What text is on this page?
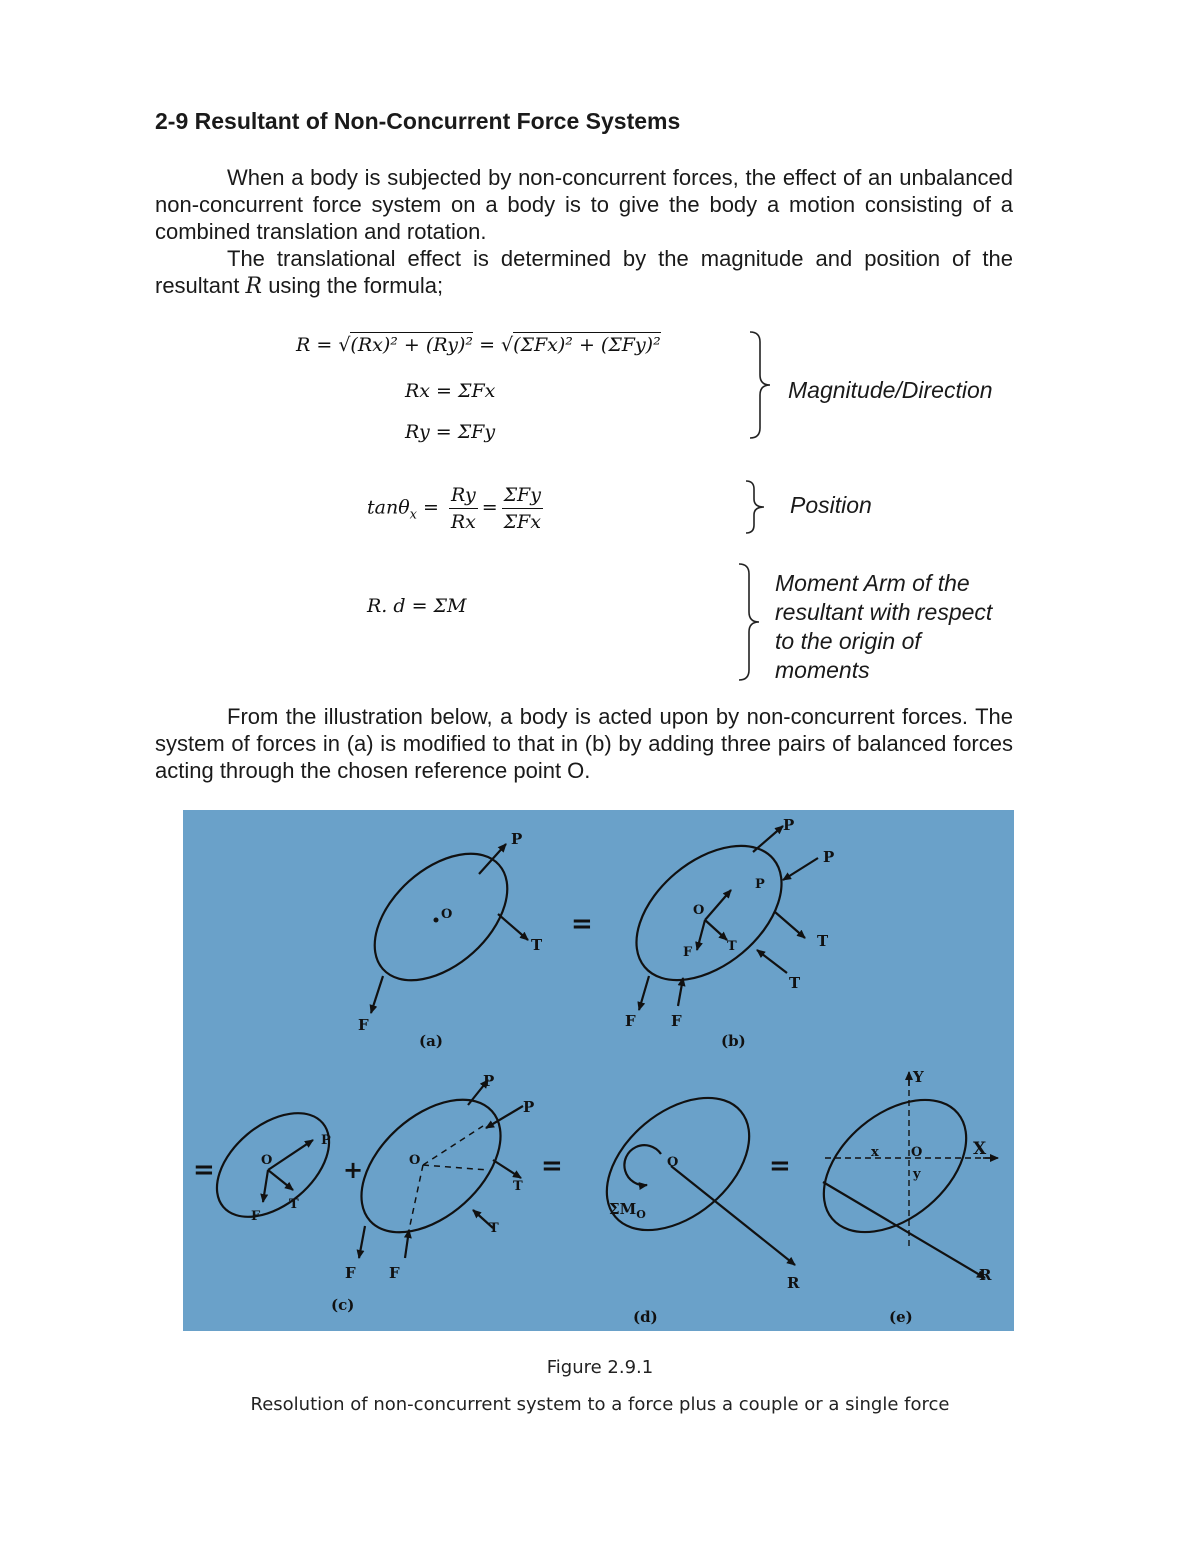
2-9 Resultant of Non-Concurrent Force Systems

When a body is subjected by non-concurrent forces, the effect of an unbalanced non-concurrent force system on a body is to give the body a motion consisting of a combined translation and rotation.

The translational effect is determined by the magnitude and position of the resultant R using the formula;

R = √(Rx)² + (Ry)² = √(ΣFx)² + (ΣFy)²
Rx = ΣFx
Ry = ΣFy
Magnitude/Direction
$\tan\theta_x = \frac{Ry}{Rx} = \frac{\text{ΣFy}}{\text{ΣFx}}$	Position
R. d = ΣM
Moment Arm of the
resultant with respect
to the origin of
moments

From the illustration below, a body is acted upon by non-concurrent forces. The system of forces in (a) is modified to that in (b) by adding three pairs of balanced forces acting through the chosen reference point O.

P
T
F
O
(a)
=
P
P
P
T
T
T
F
O
F F
(b)
=	+
O
P
T
F
P
P
T
T
O
F F
(c)
=	O
$\Sigma M_O$
R
(d)
=
Y
X
O
x
y
R
(e)
Figure 2.9.1
Resolution of non-concurrent system to a force plus a couple or a single force
